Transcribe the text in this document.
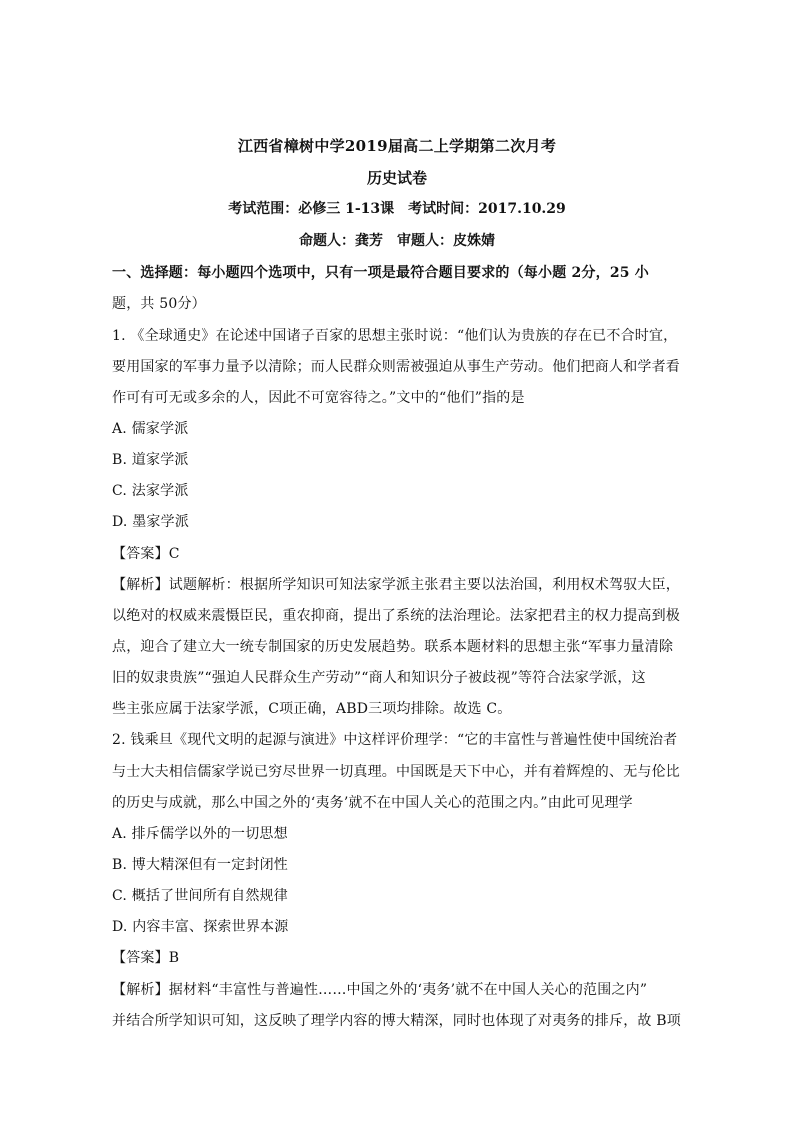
江西省樟树中学2019届高二上学期第二次月考
历史试卷
考试范围：必修三 1-13课　考试时间：2017.10.29
命题人：龚芳　审题人：皮姝婧
一、选择题：每小题四个选项中，只有一项是最符合题目要求的（每小题 2分，25 小
题，共 50分）
1. 《全球通史》在论述中国诸子百家的思想主张时说：“他们认为贵族的存在已不合时宜，
要用国家的军事力量予以清除；而人民群众则需被强迫从事生产劳动。他们把商人和学者看
作可有可无或多余的人，因此不可宽容待之。”文中的“他们”指的是
A. 儒家学派
B. 道家学派
C. 法家学派
D. 墨家学派
【答案】C
【解析】试题解析：根据所学知识可知法家学派主张君主要以法治国，利用权术驾驭大臣，
以绝对的权威来震慑臣民，重农抑商，提出了系统的法治理论。法家把君主的权力提高到极
点，迎合了建立大一统专制国家的历史发展趋势。联系本题材料的思想主张“军事力量清除
旧的奴隶贵族”“强迫人民群众生产劳动”“商人和知识分子被歧视”等符合法家学派，这
些主张应属于法家学派，C项正确，ABD三项均排除。故选 C。
2. 钱乘旦《现代文明的起源与演进》中这样评价理学：“它的丰富性与普遍性使中国统治者
与士大夫相信儒家学说已穷尽世界一切真理。中国既是天下中心，并有着辉煌的、无与伦比
的历史与成就，那么中国之外的‘夷务’就不在中国人关心的范围之内。”由此可见理学
A. 排斥儒学以外的一切思想
B. 博大精深但有一定封闭性
C. 概括了世间所有自然规律
D. 内容丰富、探索世界本源
【答案】B
【解析】据材料“丰富性与普遍性……中国之外的‘夷务’就不在中国人关心的范围之内”
并结合所学知识可知，这反映了理学内容的博大精深，同时也体现了对夷务的排斥，故 B项
